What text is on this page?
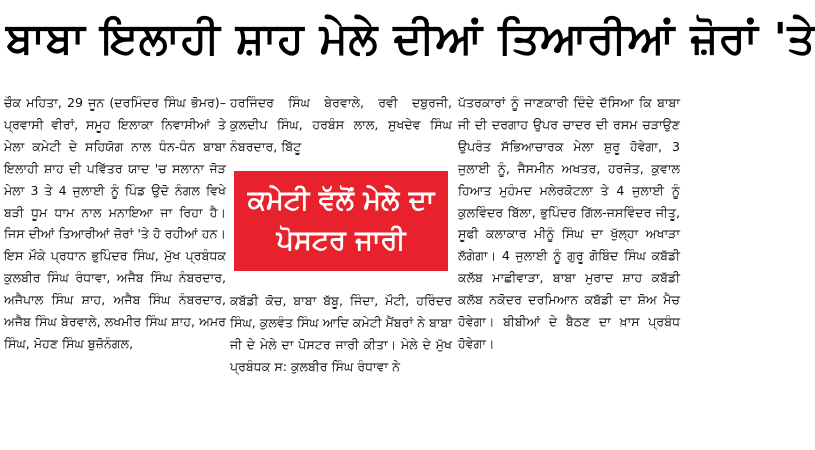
ਬਾਬਾ ਇਲਾਹੀ ਸ਼ਾਹ ਮੇਲੇ ਦੀਆਂ ਤਿਆਰੀਆਂ ਜ਼ੋਰਾਂ 'ਤੇ

ਚੌਕ ਮਹਿਤਾ, 29 ਜੂਨ (ਦਰਮਿੰਦਰ ਸਿੰਘ ਭੋਮਰ)–ਪ੍ਰਵਾਸੀ ਵੀਰਾਂ, ਸਮੂਹ ਇਲਾਕਾ ਨਿਵਾਸੀਆਂ ਤੇ ਮੇਲਾ ਕਮੇਟੀ ਦੇ ਸਹਿਯੋਗ ਨਾਲ ਧੰਨ-ਧੰਨ ਬਾਬਾ ਇਲਾਹੀ ਸ਼ਾਹ ਦੀ ਪਵਿੱਤਰ ਯਾਦ 'ਚ ਸਲਾਨਾ ਜੋੜ ਮੇਲਾ 3 ਤੇ 4 ਜੁਲਾਈ ਨੂੰ ਪਿੰਡ ਉਦੋ ਨੰਗਲ ਵਿਖੇ ਬੜੀ ਧੂਮ ਧਾਮ ਨਾਲ ਮਨਾਇਆ ਜਾ ਰਿਹਾ ਹੈ। ਜਿਸ ਦੀਆਂ ਤਿਆਰੀਆਂ ਜ਼ੋਰਾਂ 'ਤੇ ਹੋ ਰਹੀਆਂ ਹਨ। ਇਸ ਮੌਕੇ ਪ੍ਰਧਾਨ ਭੁਪਿੰਦਰ ਸਿੰਘ, ਮੁੱਖ ਪ੍ਰਬੰਧਕ ਕੁਲਬੀਰ ਸਿੰਘ ਰੰਧਾਵਾ, ਅਜੈਬ ਸਿੰਘ ਨੰਬਰਦਾਰ, ਅਜੈਪਾਲ ਸਿੰਘ ਸ਼ਾਹ, ਅਜੈਬ ਸਿੰਘ ਨੰਬਰਦਾਰ, ਅਜੈਬ ਸਿੰਘ ਬੇਰਵਾਲੇ, ਲਖਮੀਰ ਸਿੰਘ ਸ਼ਾਹ, ਅਮਰ ਸਿੰਘ, ਮੋਹਣ ਸਿੰਘ ਬੁਜ਼ੋਨੰਗਲ,

ਹਰਜਿੰਦਰ ਸਿੰਘ ਬੇਰਵਾਲੇ, ਰਵੀ ਦਬੁਰਜੀ, ਕੁਲਦੀਪ ਸਿੰਘ, ਹਰਬੰਸ ਲਾਲ, ਸੁਖਦੇਵ ਸਿੰਘ ਨੰਬਰਦਾਰ, ਬਿੱਟੂ

ਕਮੇਟੀ ਵੱਲੋਂ ਮੇਲੇ ਦਾ
ਪੋਸਟਰ ਜਾਰੀ

ਕਬੱਡੀ ਕੋਚ, ਬਾਬਾ ਬੱਬੂ, ਜਿੰਦਾ, ਮੌਟੀ, ਹਰਿੰਦਰ ਸਿੰਘ, ਕੁਲਵੰਤ ਸਿੰਘ ਆਦਿ ਕਮੇਟੀ ਮੈਂਬਰਾਂ ਨੇ ਬਾਬਾ ਜੀ ਦੇ ਮੇਲੇ ਦਾ ਪੋਸਟਰ ਜਾਰੀ ਕੀਤਾ। ਮੇਲੇ ਦੇ ਮੁੱਖ ਪ੍ਰਬੰਧਕ ਸ: ਕੁਲਬੀਰ ਸਿੰਘ ਰੰਧਾਵਾ ਨੇ

ਪੱਤਰਕਾਰਾਂ ਨੂੰ ਜਾਣਕਾਰੀ ਦਿੰਦੇ ਦੱਸਿਆ ਕਿ ਬਾਬਾ ਜੀ ਦੀ ਦਰਗਾਹ ਉਪਰ ਚਾਦਰ ਦੀ ਰਸਮ ਚੜਾਉਣ ਉਪਰੰਤ ਸੱਭਿਆਚਾਰਕ ਮੇਲਾ ਸ਼ੁਰੂ ਹੋਵੇਗਾ, 3 ਜੁਲਾਈ ਨੂੰ, ਜੈਸਮੀਨ ਅਖਤਰ, ਹਰਜੋਤ, ਕੁਵਾਲ ਹਿਆਤ ਮੁਹੰਮਦ ਮਲੇਰਕੋਟਲਾ ਤੇ 4 ਜੁਲਾਈ ਨੂੰ ਕੁਲਵਿੰਦਰ ਬਿੱਲਾ, ਭੁਪਿੰਦਰ ਗਿੱਲ-ਜਸਵਿੰਦਰ ਜੀਤੂ, ਸੂਫੀ ਕਲਾਕਾਰ ਮੀਨੂੰ ਸਿੰਘ ਦਾ ਖੁੱਲ੍ਹਾ ਅਖਾੜਾ ਲੱਗੇਗਾ। 4 ਜੁਲਾਈ ਨੂੰ ਗੁਰੂ ਗੋਬਿੰਦ ਸਿੰਘ ਕਬੱਡੀ ਕਲੱਬ ਮਾਛੀਵਾੜਾ, ਬਾਬਾ ਮੁਰਾਦ ਸ਼ਾਹ ਕਬੱਡੀ ਕਲੱਬ ਨਕੋਦਰ ਦਰਮਿਆਨ ਕਬੱਡੀ ਦਾ ਸ਼ੋਅ ਮੈਚ ਹੋਵੇਗਾ। ਬੀਬੀਆਂ ਦੇ ਬੈਠਣ ਦਾ ਖ਼ਾਸ ਪ੍ਰਬੰਧ ਹੋਵੇਗਾ।
